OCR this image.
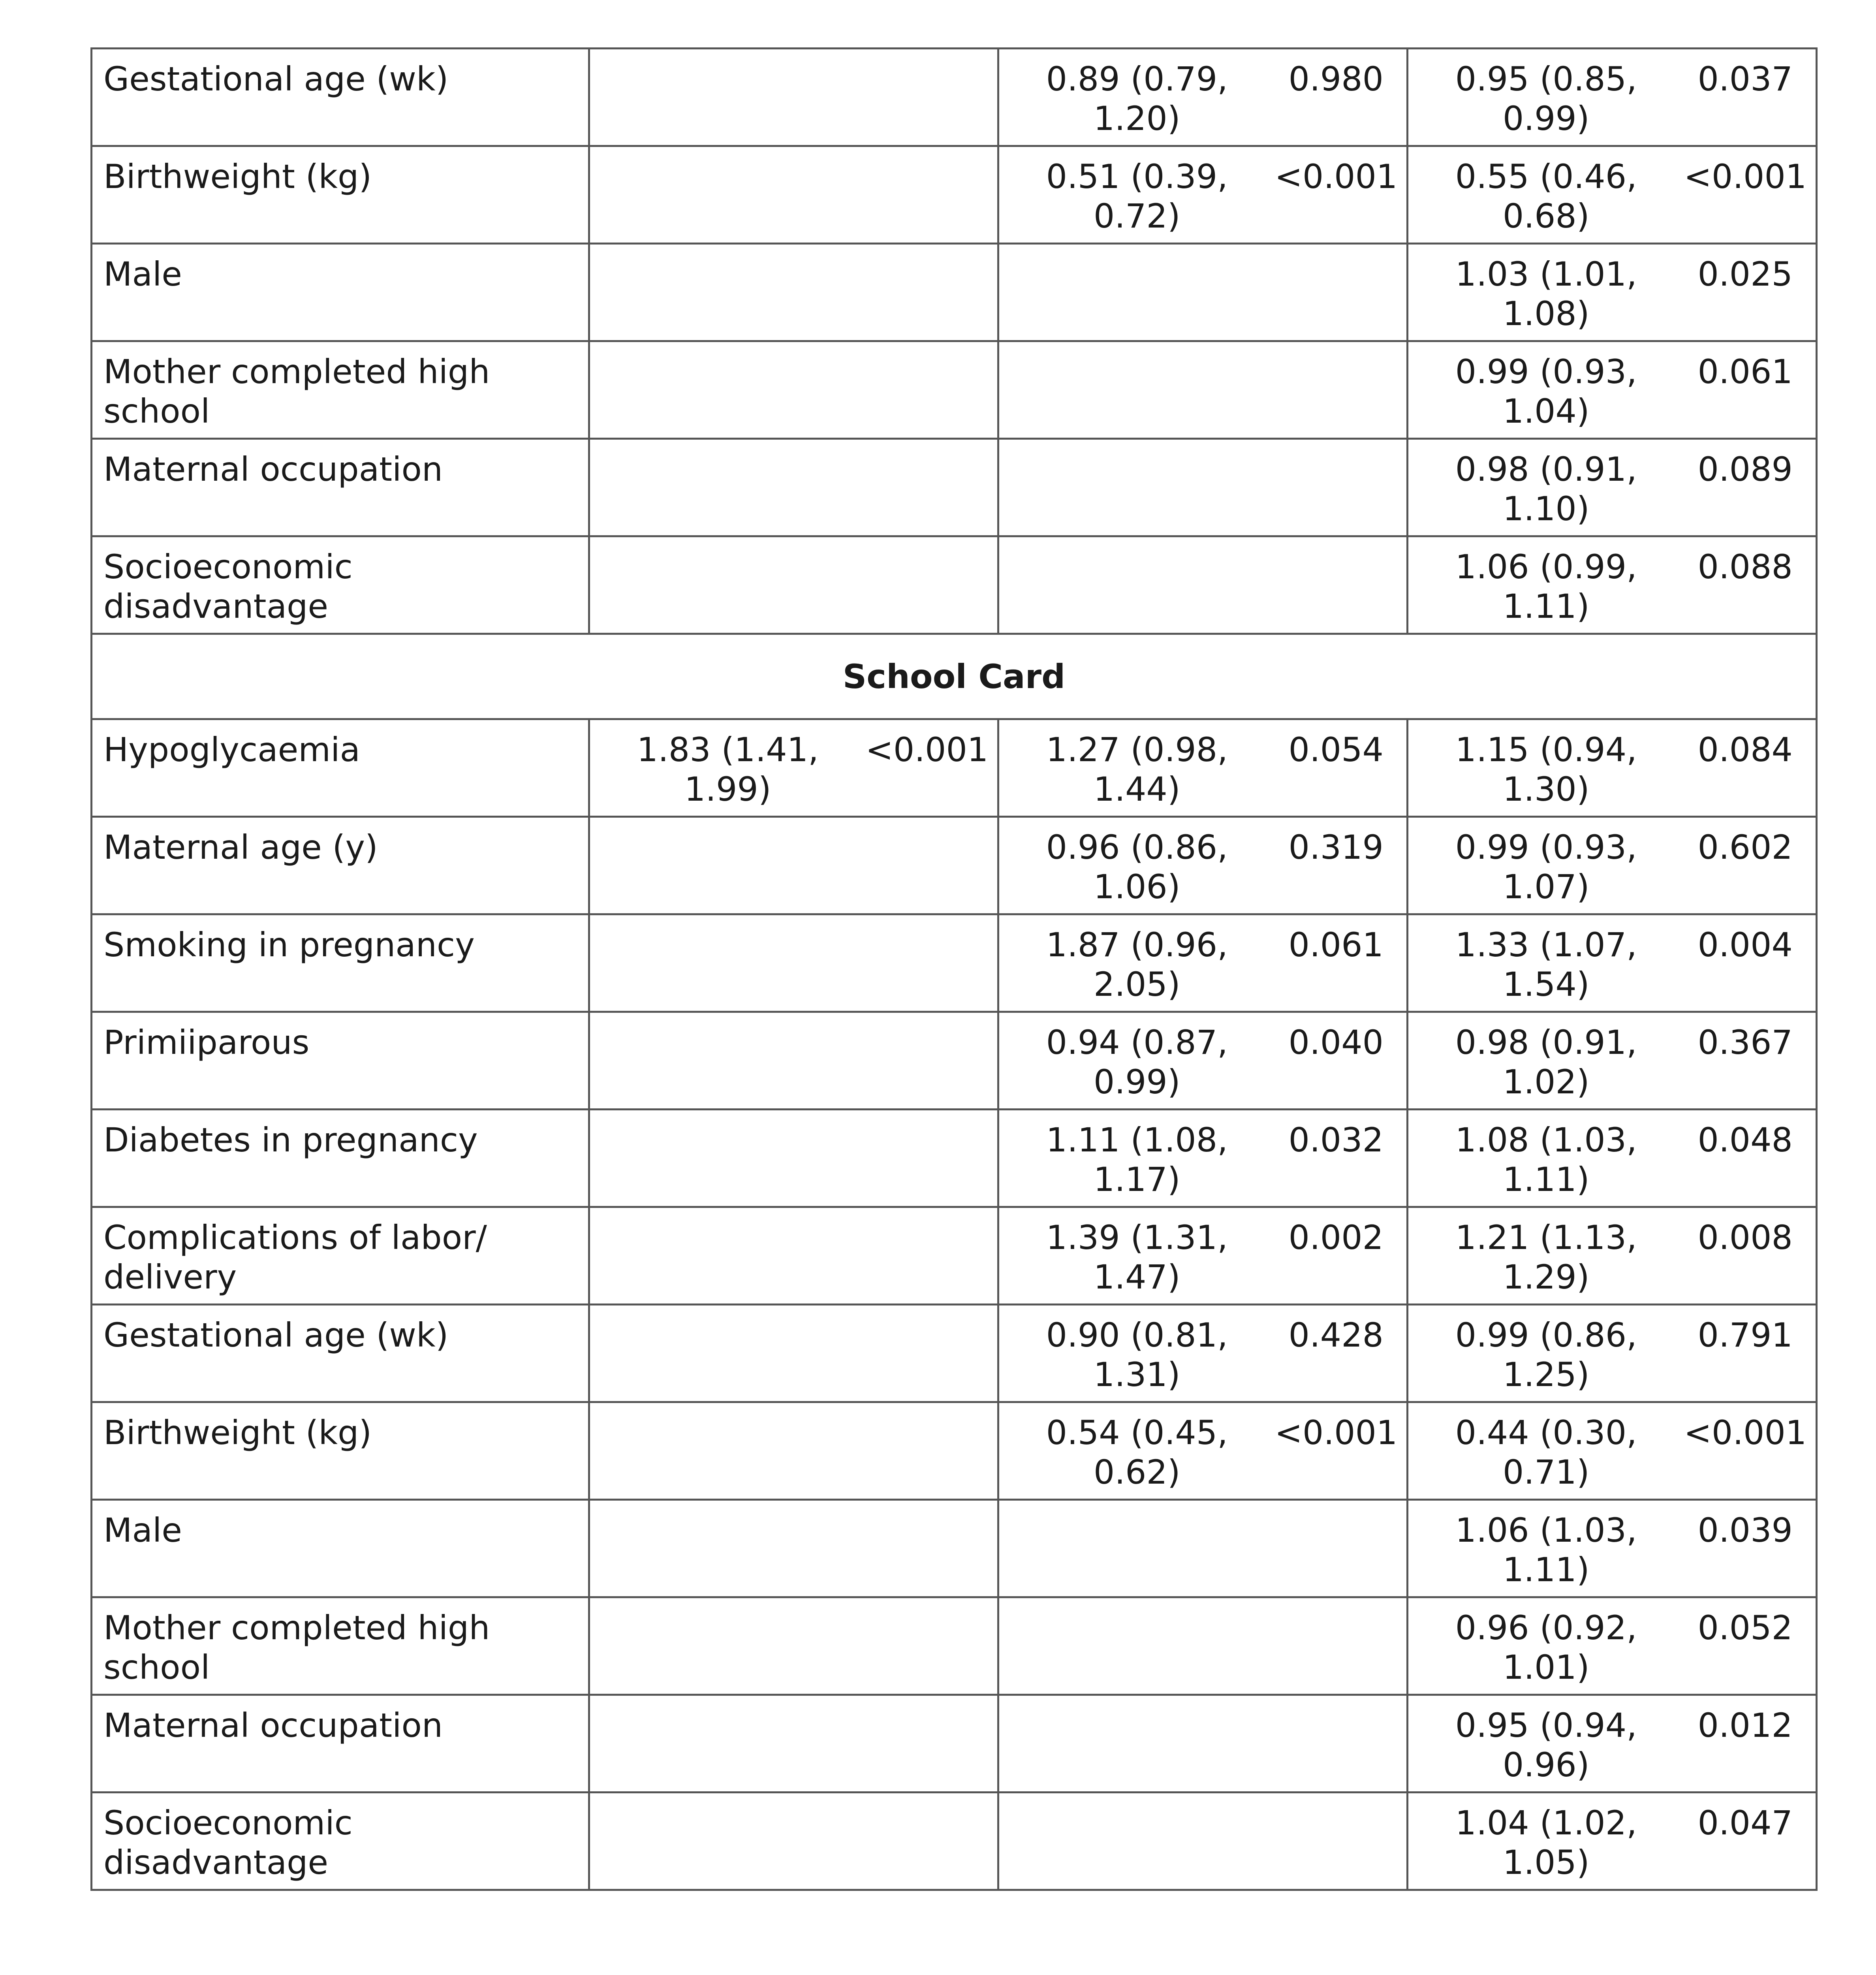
Gestational age (wk)			0.89 (0.79, 1.20)	0.980	0.95 (0.85, 0.99)	0.037
Birthweight (kg)			0.51 (0.39, 0.72)	<0.001	0.55 (0.46, 0.68)	<0.001
Male					1.03 (1.01, 1.08)	0.025
Mother completed high school					0.99 (0.93, 1.04)	0.061
Maternal occupation					0.98 (0.91, 1.10)	0.089
Socioeconomic disadvantage					1.06 (0.99, 1.11)	0.088
School Card						
Hypoglycaemia	1.83 (1.41, 1.99)	<0.001	1.27 (0.98, 1.44)	0.054	1.15 (0.94, 1.30)	0.084
Maternal age (y)			0.96 (0.86, 1.06)	0.319	0.99 (0.93, 1.07)	0.602
Smoking in pregnancy			1.87 (0.96, 2.05)	0.061	1.33 (1.07, 1.54)	0.004
Primiiparous			0.94 (0.87, 0.99)	0.040	0.98 (0.91, 1.02)	0.367
Diabetes in pregnancy			1.11 (1.08, 1.17)	0.032	1.08 (1.03, 1.11)	0.048
Complications of labor/ delivery			1.39 (1.31, 1.47)	0.002	1.21 (1.13, 1.29)	0.008
Gestational age (wk)			0.90 (0.81, 1.31)	0.428	0.99 (0.86, 1.25)	0.791
Birthweight (kg)			0.54 (0.45, 0.62)	<0.001	0.44 (0.30, 0.71)	<0.001
Male					1.06 (1.03, 1.11)	0.039
Mother completed high school					0.96 (0.92, 1.01)	0.052
Maternal occupation					0.95 (0.94, 0.96)	0.012
Socioeconomic disadvantage					1.04 (1.02, 1.05)	0.047
